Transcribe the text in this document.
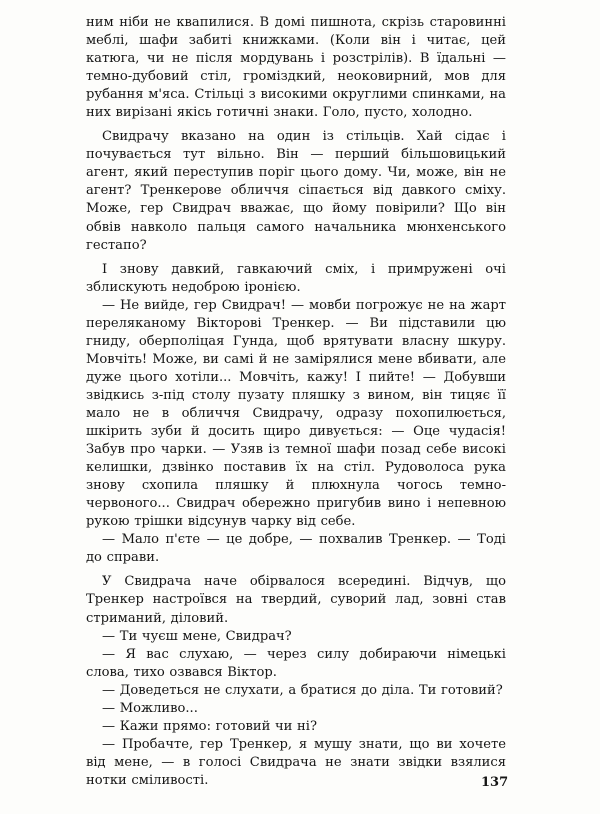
ним ніби не квапилися. В домі пишнота, скрізь старовинні меблі, шафи забиті книжками. (Коли він і читає, цей катюга, чи не після мордувань і розстрілів). В їдальні — темно-дубовий стіл, громіздкий, неоковирний, мов для рубання м'яса. Стільці з високими округлими спинками, на них вирізані якісь готичні знаки. Голо, пусто, холодно.

Свидрачу вказано на один із стільців. Хай сідає і почувається тут вільно. Він — перший більшовицький агент, який переступив поріг цього дому. Чи, може, він не агент? Тренкерове обличчя сіпається від давкого сміху. Може, гер Свидрач вважає, що йому повірили? Що він обвів навколо пальця самого начальника мюнхенського гестапо?

І знову давкий, гавкаючий сміх, і примружені очі зблискують недоброю іронією.

— Не вийде, гер Свидрач! — мовби погрожує не на жарт переляканому Вікторові Тренкер. — Ви підставили цю гниду, оберполіцая Гунда, щоб врятувати власну шкуру. Мовчіть! Може, ви самі й не замірялися мене вбивати, але дуже цього хотіли... Мовчіть, кажу! І пийте! — Добувши звідкись з-під столу пузату пляшку з вином, він тицяє її мало не в обличчя Свидрачу, одразу похопилюється, шкірить зуби й досить щиро дивується: — Оце чудасія! Забув про чарки. — Узяв із темної шафи позад себе високі келишки, дзвінко поставив їх на стіл. Рудоволоса рука знову схопила пляшку й плюхнула чогось темно-червоного... Свидрач обережно пригубив вино і непевною рукою трішки відсунув чарку від себе.

— Мало п'єте — це добре, — похвалив Тренкер. — Тоді до справи.

У Свидрача наче обірвалося всередині. Відчув, що Тренкер настроївся на твердий, суворий лад, зовні став стриманий, діловий.

— Ти чуєш мене, Свидрач?

— Я вас слухаю, — через силу добираючи німецькі слова, тихо озвався Віктор.

— Доведеться не слухати, а братися до діла. Ти готовий?

— Можливо...

— Кажи прямо: готовий чи ні?

— Пробачте, гер Тренкер, я мушу знати, що ви хочете від мене, — в голосі Свидрача не знати звідки взялися нотки сміливості.	137
